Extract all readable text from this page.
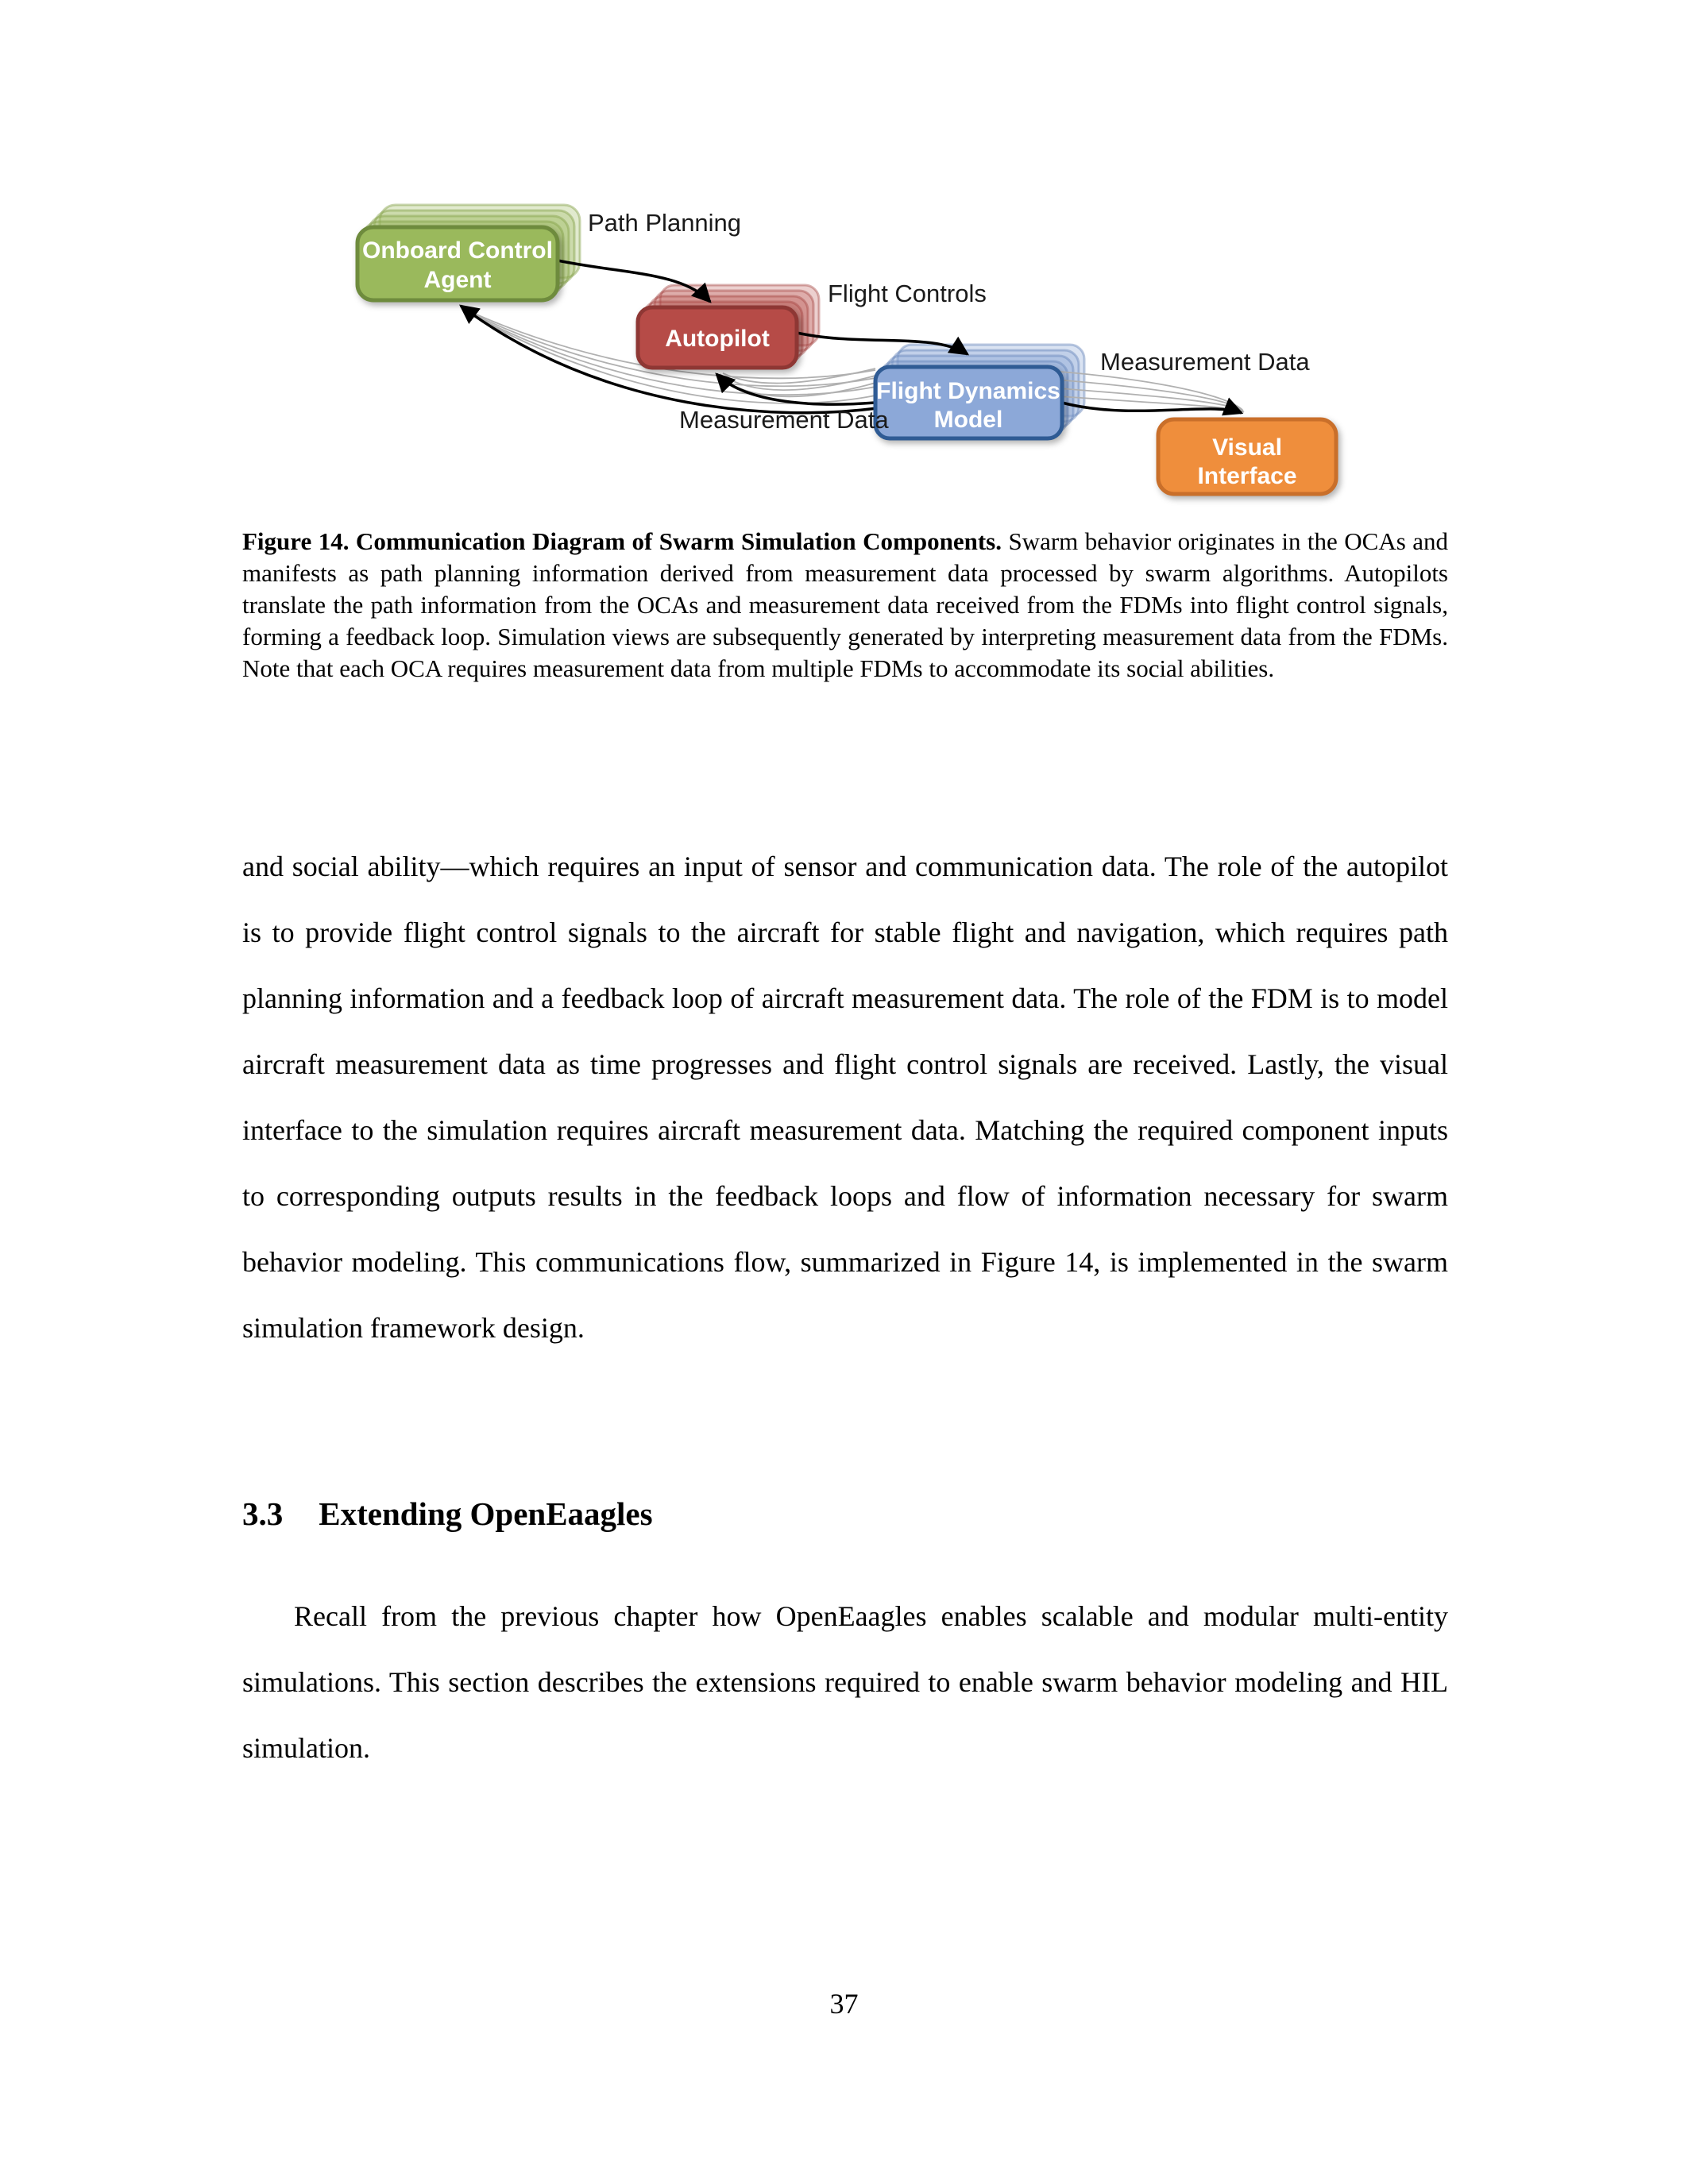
Onboard Control
Agent
Autopilot
Flight Dynamics
Model
Visual
Interface
Path Planning
Flight Controls
Measurement Data
Measurement Data
Figure 14. Communication Diagram of Swarm Simulation Components. Swarm behavior originates in the OCAs and manifests as path planning information derived from measurement data processed by swarm algorithms. Autopilots translate the path information from the OCAs and measurement data received from the FDMs into flight control signals, forming a feedback loop. Simulation views are subsequently generated by interpreting measurement data from the FDMs. Note that each OCA requires measurement data from multiple FDMs to accommodate its social abilities.
and social ability—which requires an input of sensor and communication data. The role of the autopilot is to provide flight control signals to the aircraft for stable flight and navigation, which requires path planning information and a feedback loop of aircraft measurement data. The role of the FDM is to model aircraft measurement data as time progresses and flight control signals are received. Lastly, the visual interface to the simulation requires aircraft measurement data. Matching the required component inputs to corresponding outputs results in the feedback loops and flow of information necessary for swarm behavior modeling. This communications flow, summarized in Figure 14, is implemented in the swarm simulation framework design.
3.3 Extending OpenEaagles
Recall from the previous chapter how OpenEaagles enables scalable and modular multi-entity simulations. This section describes the extensions required to enable swarm behavior modeling and HIL simulation.
37
